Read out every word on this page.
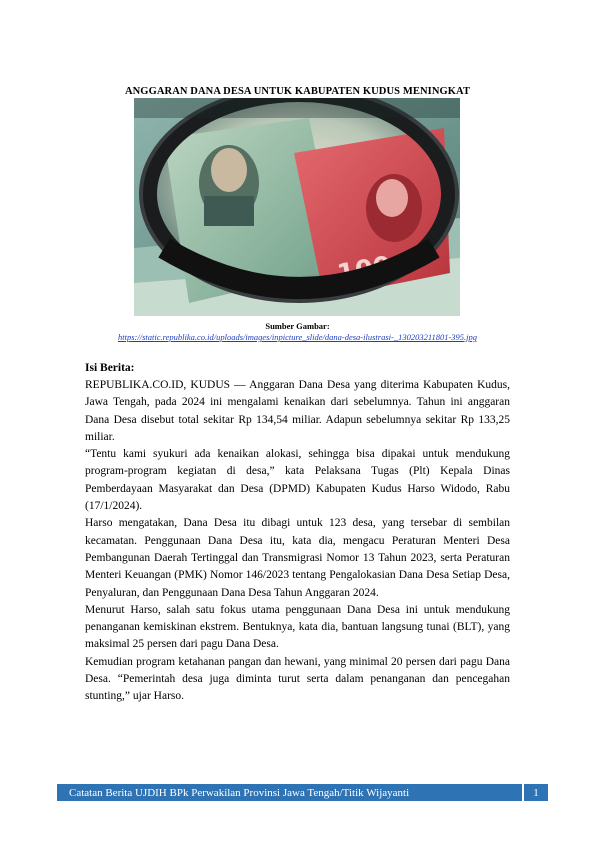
ANGGARAN DANA DESA UNTUK KABUPATEN KUDUS MENINGKAT
100
Sumber Gambar:
https://static.republika.co.id/uploads/images/inpicture_slide/dana-desa-ilustrasi-_130203211801-395.jpg
Isi Berita:

REPUBLIKA.CO.ID, KUDUS — Anggaran Dana Desa yang diterima Kabupaten Kudus, Jawa Tengah, pada 2024 ini mengalami kenaikan dari sebelumnya. Tahun ini anggaran Dana Desa disebut total sekitar Rp 134,54 miliar. Adapun sebelumnya sekitar Rp 133,25 miliar.

“Tentu kami syukuri ada kenaikan alokasi, sehingga bisa dipakai untuk mendukung program-program kegiatan di desa,” kata Pelaksana Tugas (Plt) Kepala Dinas Pemberdayaan Masyarakat dan Desa (DPMD) Kabupaten Kudus Harso Widodo, Rabu (17/1/2024).

Harso mengatakan, Dana Desa itu dibagi untuk 123 desa, yang tersebar di sembilan kecamatan. Penggunaan Dana Desa itu, kata dia, mengacu Peraturan Menteri Desa Pembangunan Daerah Tertinggal dan Transmigrasi Nomor 13 Tahun 2023, serta Peraturan Menteri Keuangan (PMK) Nomor 146/2023 tentang Pengalokasian Dana Desa Setiap Desa, Penyaluran, dan Penggunaan Dana Desa Tahun Anggaran 2024.

Menurut Harso, salah satu fokus utama penggunaan Dana Desa ini untuk mendukung penanganan kemiskinan ekstrem. Bentuknya, kata dia, bantuan langsung tunai (BLT), yang maksimal 25 persen dari pagu Dana Desa.

Kemudian program ketahanan pangan dan hewani, yang minimal 20 persen dari pagu Dana Desa. “Pemerintah desa juga diminta turut serta dalam penanganan dan pencegahan stunting,” ujar Harso.

Catatan Berita UJDIH BPk Perwakilan Provinsi Jawa Tengah/Titik Wijayanti	1
